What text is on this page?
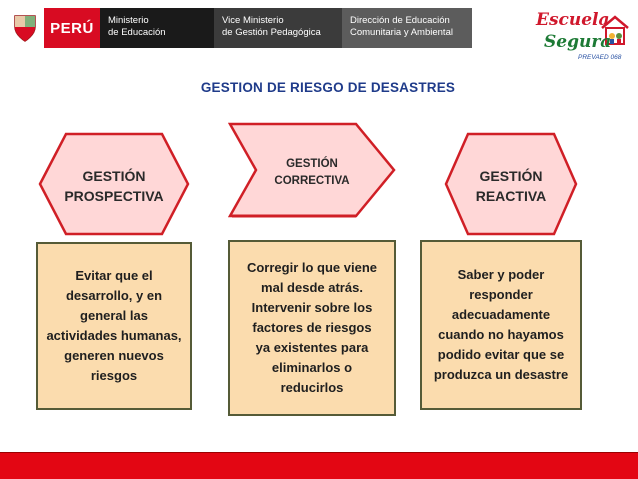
PERÚ	Ministerio
de Educación
Vice Ministerio
de Gestión Pedagógica
Dirección de Educación
Comunitaria y Ambiental
Escuela
Segura
PREVAED 068
GESTION DE RIESGO DE DESASTRES
GESTIÓN
PROSPECTIVA
GESTIÓN
CORRECTIVA	GESTIÓN
REACTIVA
Evitar que el
desarrollo, y en
general las
actividades humanas,
generen nuevos
riesgos
Corregir lo que viene
mal desde atrás.
Intervenir sobre los
factores de riesgos
ya existentes para
eliminarlos o
reducirlos
Saber y poder
responder
adecuadamente
cuando no hayamos
podido evitar que se
produzca un desastre
